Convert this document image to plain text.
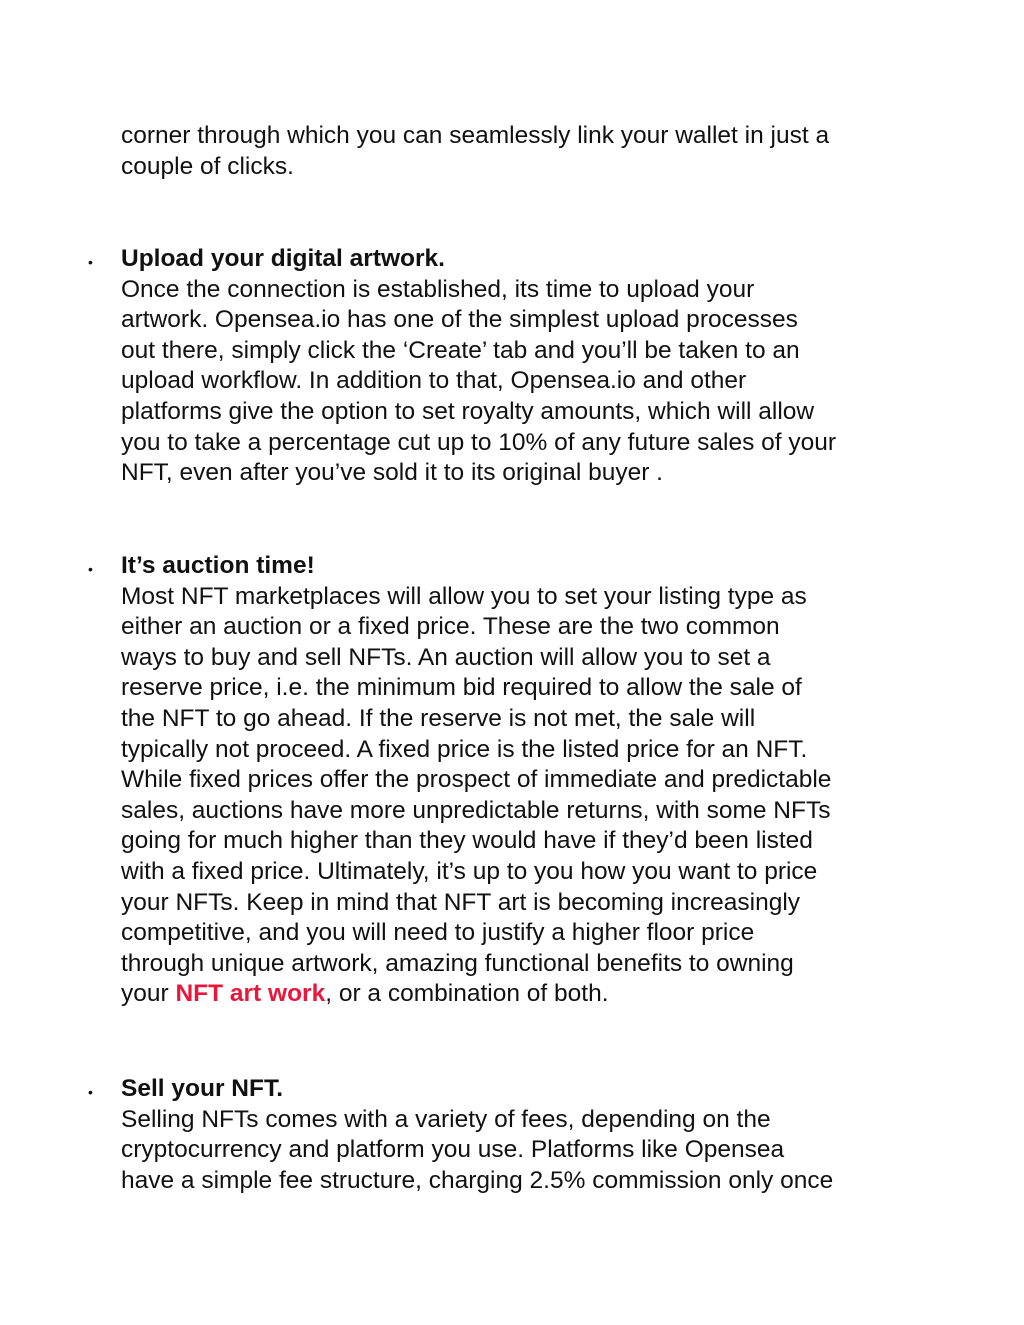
corner through which you can seamlessly link your wallet in just a
couple of clicks.
• Upload your digital artwork.
Once the connection is established, its time to upload your
artwork. Opensea.io has one of the simplest upload processes
out there, simply click the ‘Create’ tab and you’ll be taken to an
upload workflow. In addition to that, Opensea.io and other
platforms give the option to set royalty amounts, which will allow
you to take a percentage cut up to 10% of any future sales of your
NFT, even after you’ve sold it to its original buyer .
• It’s auction time!
Most NFT marketplaces will allow you to set your listing type as
either an auction or a fixed price. These are the two common
ways to buy and sell NFTs. An auction will allow you to set a
reserve price, i.e. the minimum bid required to allow the sale of
the NFT to go ahead. If the reserve is not met, the sale will
typically not proceed. A fixed price is the listed price for an NFT.
While fixed prices offer the prospect of immediate and predictable
sales, auctions have more unpredictable returns, with some NFTs
going for much higher than they would have if they’d been listed
with a fixed price. Ultimately, it’s up to you how you want to price
your NFTs. Keep in mind that NFT art is becoming increasingly
competitive, and you will need to justify a higher floor price
through unique artwork, amazing functional benefits to owning
your NFT art work, or a combination of both.
• Sell your NFT.
Selling NFTs comes with a variety of fees, depending on the
cryptocurrency and platform you use. Platforms like Opensea
have a simple fee structure, charging 2.5% commission only once
